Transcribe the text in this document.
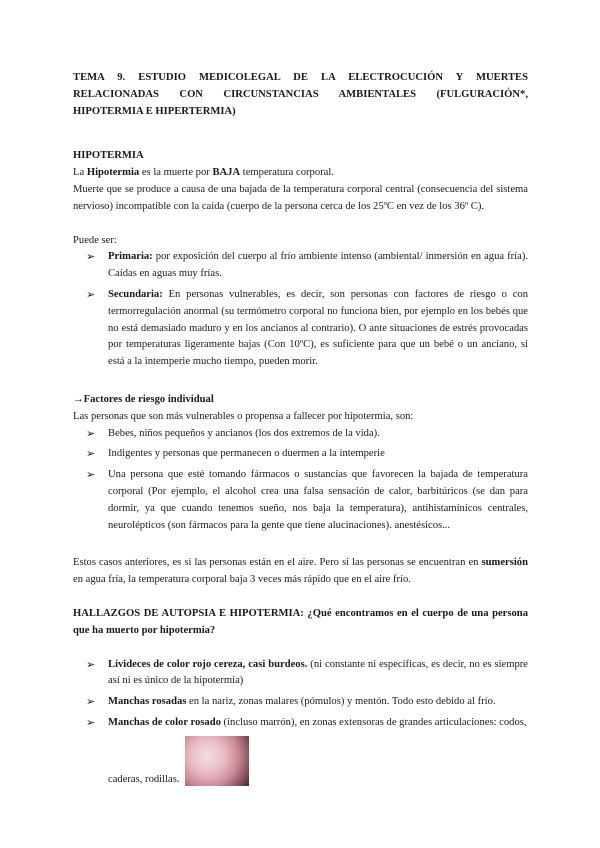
TEMA 9. ESTUDIO MEDICOLEGAL DE LA ELECTROCUCIÓN Y MUERTES
RELACIONADAS CON CIRCUNSTANCIAS AMBIENTALES (FULGURACIÓN*,
HIPOTERMIA E HIPERTERMIA)
HIPOTERMIA

La Hipotermia es la muerte por BAJA temperatura corporal.

Muerte que se produce a causa de una bajada de la temperatura corporal central (consecuencia del sistema nervioso) incompatible con la caída (cuerpo de la persona cerca de los 25ºC en vez de los 36º C).

Puede ser:

➢ Primaria: por exposición del cuerpo al frío ambiente intenso (ambiental/ inmersión en agua fría). Caídas en aguas muy frías.
➢ Secundaria: En personas vulnerables, es decir, son personas con factores de riesgo o con termorregulación anormal (su termómetro corporal no funciona bien, por ejemplo en los bebés que no está demasiado maduro y en los ancianos al contrario). O ante situaciones de estrés provocadas por temperaturas ligeramente bajas (Con 10ºC), es suficiente para que un bebé o un anciano, si está a la intemperie mucho tiempo, pueden morir.
→Factores de riesgo individual

Las personas que son más vulnerables o propensa a fallecer por hipotermia, son:

➢ Bebes, niños pequeños y ancianos (los dos extremos de la vida).
➢ Indigentes y personas que permanecen o duermen a la intemperie
➢ Una persona que esté tomando fármacos o sustancias que favorecen la bajada de temperatura corporal (Por ejemplo, el alcohol crea una falsa sensación de calor, barbitúricos (se dan para dormir, ya que cuando tenemos sueño, nos baja la temperatura), antihistamínicos centrales, neurolépticos (son fármacos para la gente que tiene alucinaciones). anestésicos...

Estos casos anteriores, es si las personas están en el aire. Pero si las personas se encuentran en sumersión en agua fría, la temperatura corporal baja 3 veces más rápido que en el aire frío.

HALLAZGOS DE AUTOPSIA E HIPOTERMIA: ¿Qué encontramos en el cuerpo de una persona que ha muerto por hipotermia?

➢ Livideces de color rojo cereza, casi burdeos. (ni constante ni específicas, es decir, no es siempre así ni es único de la hipotermia)
➢ Manchas rosadas en la nariz, zonas malares (pómulos) y mentón. Todo esto debido al frío.
➢ Manchas de color rosado (incluso marrón), en zonas extensoras de grandes articulaciones: codos,
caderas, rodillas.
